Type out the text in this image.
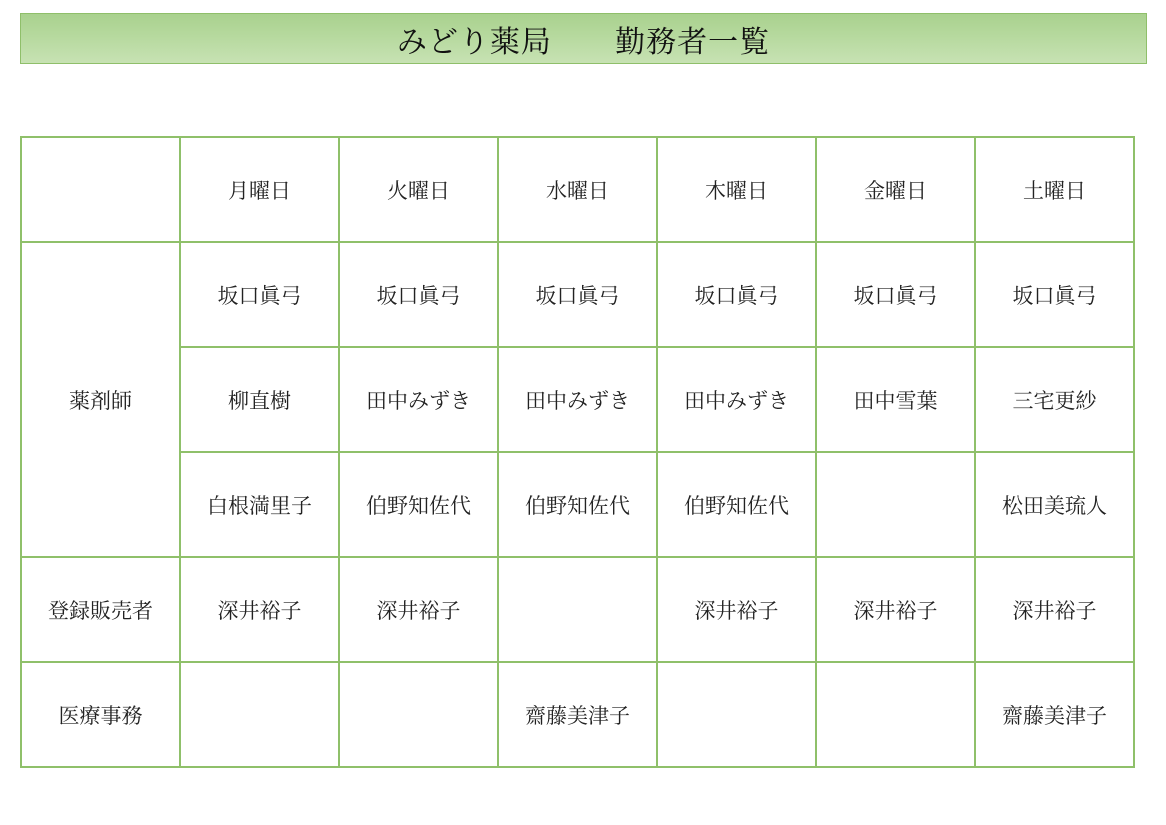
みどり薬局 勤務者一覧
	月曜日	火曜日	水曜日	木曜日	金曜日	土曜日
薬剤師	坂口眞弓	坂口眞弓	坂口眞弓	坂口眞弓	坂口眞弓	坂口眞弓
	柳直樹	田中みずき	田中みずき	田中みずき	田中雪葉	三宅更紗
	白根満里子	伯野知佐代	伯野知佐代	伯野知佐代		松田美琉人
登録販売者	深井裕子	深井裕子		深井裕子	深井裕子	深井裕子
医療事務			齋藤美津子			齋藤美津子
